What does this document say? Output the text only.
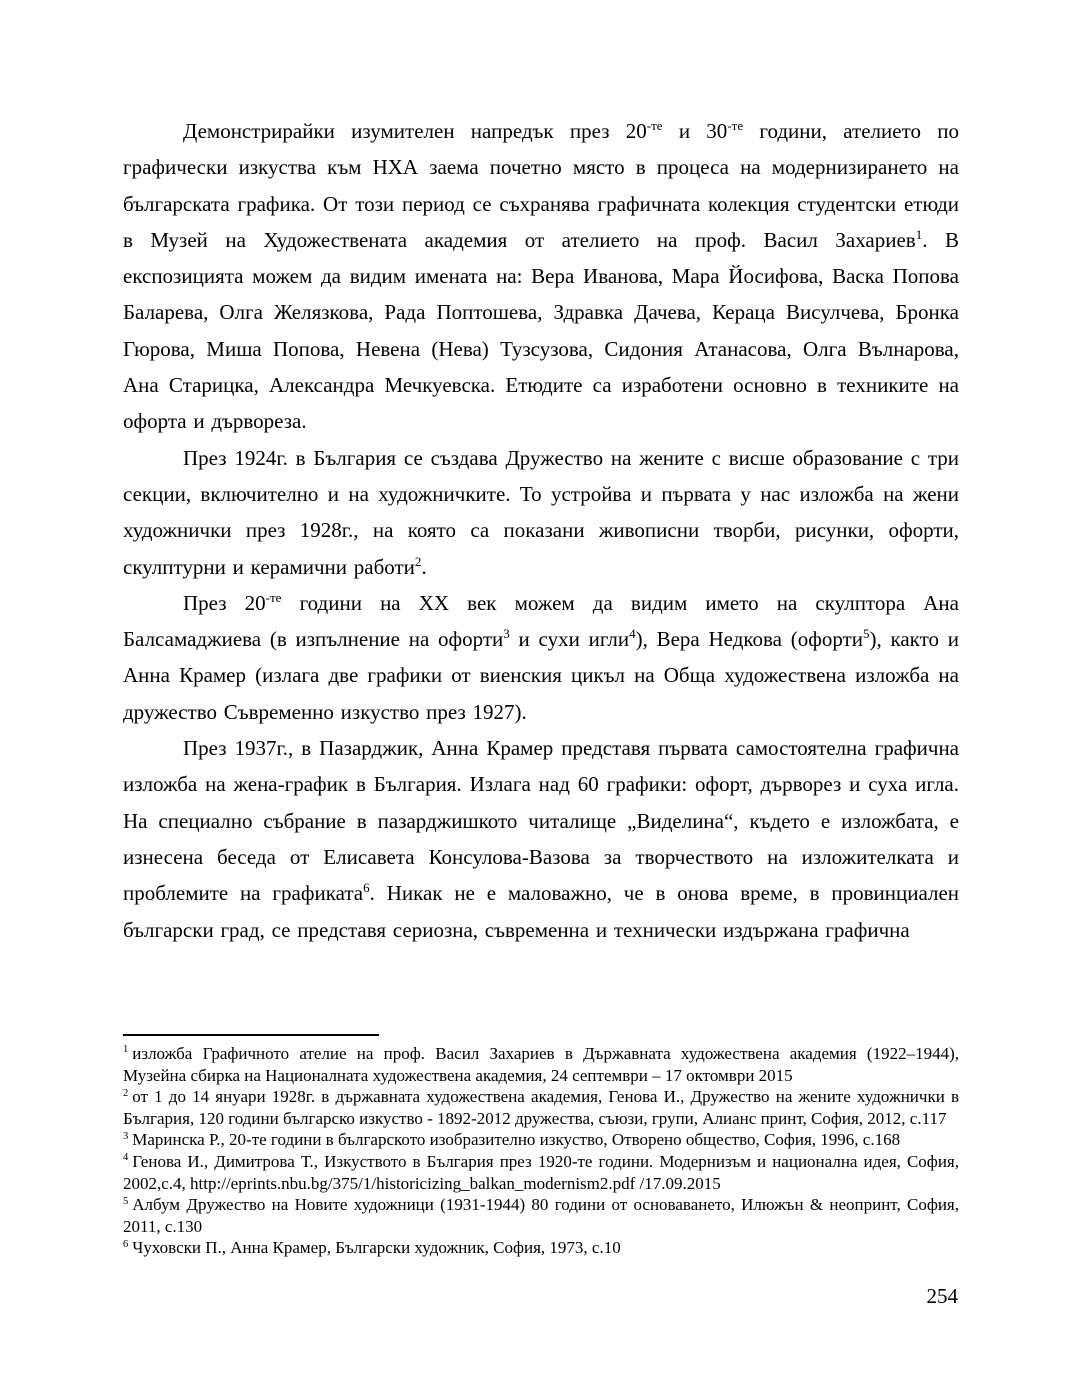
Демонстрирайки изумителен напредък през $20^{-те}$ и $30^{-те}$ години, ателието по графически изкуства към НХА заема почетно място в процеса на модернизирането на българската графика. От този период се съхранява графичната колекция студентски етюди в Музей на Художествената академия от ателието на проф. Васил Захариев$^1$. В експозицията можем да видим имената на: Вера Иванова, Мара Йосифова, Васка Попова Баларева, Олга Желязкова, Рада Поптошева, Здравка Дачева, Кераца Висулчева, Бронка Гюрова, Миша Попова, Невена (Нева) Тузсузова, Сидония Атанасова, Олга Вълнарова, Ана Старицка, Александра Мечкуевска. Етюдите са изработени основно в техниките на офорта и дървореза.

През 1924г. в България се създава Дружество на жените с висше образование с три секции, включително и на художничките. То устройва и първата у нас изложба на жени художнички през 1928г., на която са показани живописни творби, рисунки, офорти, скулптурни и керамични работи$^2$.

През $20^{-те}$ години на ХХ век можем да видим името на скулптора Ана Балсамаджиева (в изпълнение на офорти$^3$ и сухи игли$^4$), Вера Недкова (офорти$^5$), както и Анна Крамер (излага две графики от виенския цикъл на Обща художествена изложба на дружество Съвременно изкуство през 1927).

През 1937г., в Пазарджик, Анна Крамер представя първата самостоятелна графична изложба на жена-график в България. Излага над 60 графики: офорт, дърворез и суха игла. На специално събрание в пазарджишкото читалище „Виделина“, където е изложбата, е изнесена беседа от Елисавета Консулова-Вазова за творчеството на изложителката и проблемите на графиката$^6$. Никак не е маловажно, че в онова време, в провинциален български град, се представя сериозна, съвременна и технически издържана графична

$^1$ изложба Графичното ателие на проф. Васил Захариев в Държавната художествена академия (1922–1944), Музейна сбирка на Националната художествена академия, 24 септември – 17 октомври 2015
$^2$ от 1 до 14 януари 1928г. в държавната художествена академия, Генова И., Дружество на жените художнички в България, 120 години българско изкуство - 1892-2012 дружества, съюзи, групи, Алианс принт, София, 2012, с.117
$^3$ Маринска Р., 20-те години в българското изобразително изкуство, Отворено общество, София, 1996, с.168
$^4$ Генова И., Димитрова Т., Изкуството в България през 1920-те години. Модернизъм и национална идея, София, 2002,с.4, http://eprints.nbu.bg/375/1/historicizing_balkan_modernism2.pdf /17.09.2015
$^5$ Албум Дружество на Новите художници (1931-1944) 80 години от основаването, Илюжън & неопринт, София, 2011, с.130
$^6$ Чуховски П., Анна Крамер, Български художник, София, 1973, с.10
254
